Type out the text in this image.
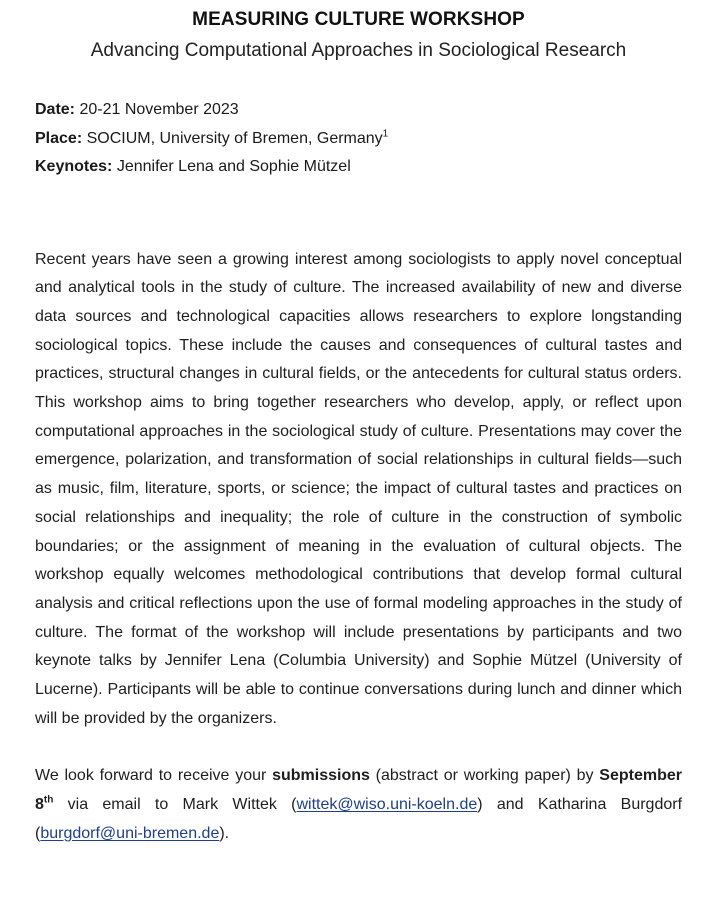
MEASURING CULTURE WORKSHOP
Advancing Computational Approaches in Sociological Research
Date: 20-21 November 2023
Place: SOCIUM, University of Bremen, Germany$^1$
Keynotes: Jennifer Lena and Sophie Mützel

Recent years have seen a growing interest among sociologists to apply novel conceptual and analytical tools in the study of culture. The increased availability of new and diverse data sources and technological capacities allows researchers to explore longstanding sociological topics. These include the causes and consequences of cultural tastes and practices, structural changes in cultural fields, or the antecedents for cultural status orders. This workshop aims to bring together researchers who develop, apply, or reflect upon computational approaches in the sociological study of culture. Presentations may cover the emergence, polarization, and transformation of social relationships in cultural fields—such as music, film, literature, sports, or science; the impact of cultural tastes and practices on social relationships and inequality; the role of culture in the construction of symbolic boundaries; or the assignment of meaning in the evaluation of cultural objects. The workshop equally welcomes methodological contributions that develop formal cultural analysis and critical reflections upon the use of formal modeling approaches in the study of culture. The format of the workshop will include presentations by participants and two keynote talks by Jennifer Lena (Columbia University) and Sophie Mützel (University of Lucerne). Participants will be able to continue conversations during lunch and dinner which will be provided by the organizers.

We look forward to receive your submissions (abstract or working paper) by September 8th via email to Mark Wittek (wittek@wiso.uni-koeln.de) and Katharina Burgdorf (burgdorf@uni-bremen.de).
